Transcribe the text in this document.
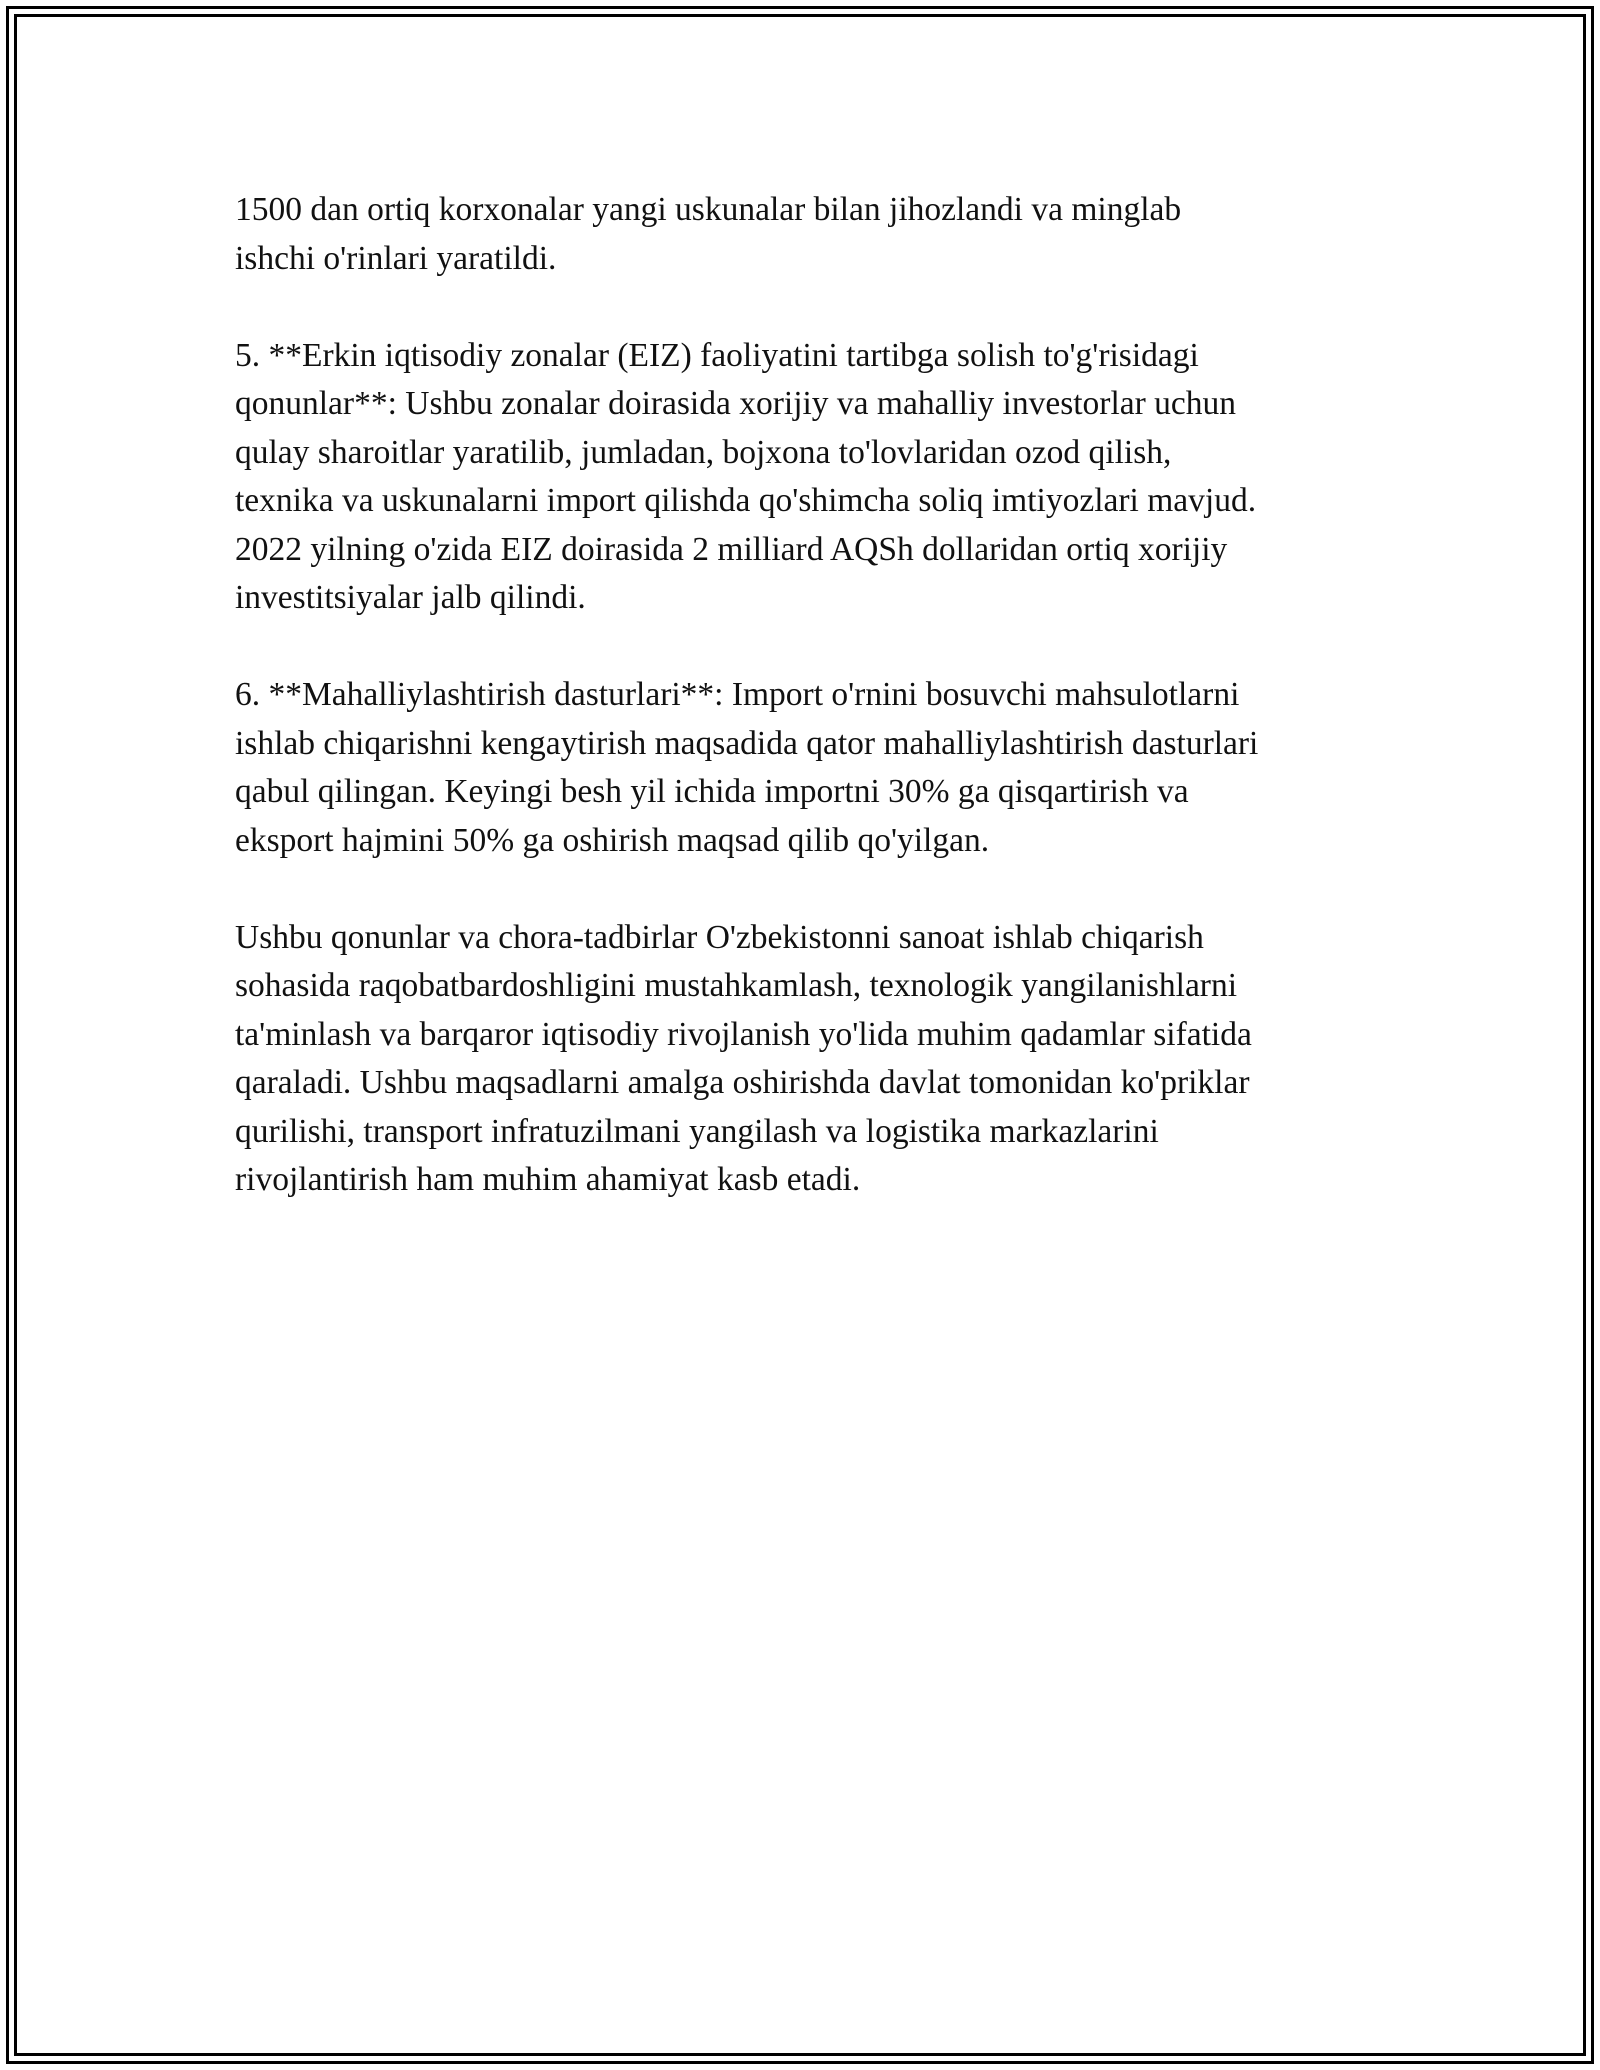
1500 dan ortiq korxonalar yangi uskunalar bilan jihozlandi va minglab
ishchi o'rinlari yaratildi.

5. **Erkin iqtisodiy zonalar (EIZ) faoliyatini tartibga solish to'g'risidagi
qonunlar**: Ushbu zonalar doirasida xorijiy va mahalliy investorlar uchun
qulay sharoitlar yaratilib, jumladan, bojxona to'lovlaridan ozod qilish,
texnika va uskunalarni import qilishda qo'shimcha soliq imtiyozlari mavjud.
2022 yilning o'zida EIZ doirasida 2 milliard AQSh dollaridan ortiq xorijiy
investitsiyalar jalb qilindi.

6. **Mahalliylashtirish dasturlari**: Import o'rnini bosuvchi mahsulotlarni
ishlab chiqarishni kengaytirish maqsadida qator mahalliylashtirish dasturlari
qabul qilingan. Keyingi besh yil ichida importni 30% ga qisqartirish va
eksport hajmini 50% ga oshirish maqsad qilib qo'yilgan.

Ushbu qonunlar va chora-tadbirlar O'zbekistonni sanoat ishlab chiqarish
sohasida raqobatbardoshligini mustahkamlash, texnologik yangilanishlarni
ta'minlash va barqaror iqtisodiy rivojlanish yo'lida muhim qadamlar sifatida
qaraladi. Ushbu maqsadlarni amalga oshirishda davlat tomonidan ko'priklar
qurilishi, transport infratuzilmani yangilash va logistika markazlarini
rivojlantirish ham muhim ahamiyat kasb etadi.
